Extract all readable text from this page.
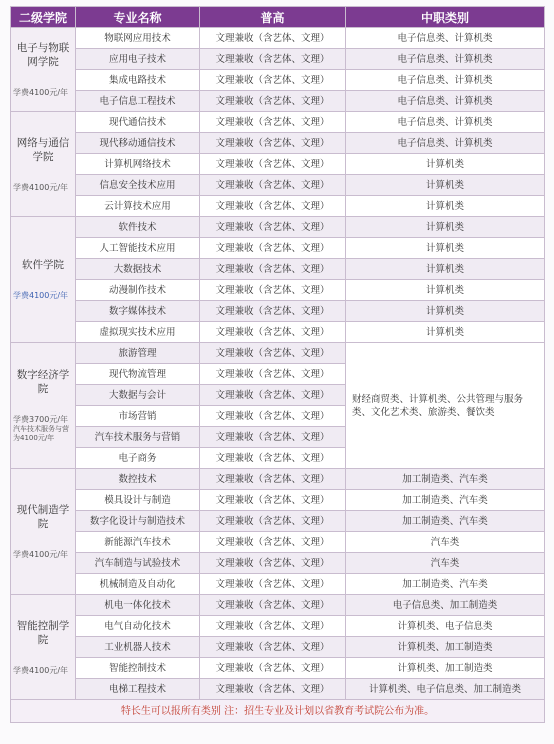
二级学院	专业名称	普高	中职类别

电子与物联网学院
学费4100元/年	物联网应用技术	文理兼收（含艺体、文理）	电子信息类、计算机类
	应用电子技术	文理兼收（含艺体、文理）	电子信息类、计算机类
	集成电路技术	文理兼收（含艺体、文理）	电子信息类、计算机类
	电子信息工程技术	文理兼收（含艺体、文理）	电子信息类、计算机类

网络与通信学院
学费4100元/年	现代通信技术	文理兼收（含艺体、文理）	电子信息类、计算机类
	现代移动通信技术	文理兼收（含艺体、文理）	电子信息类、计算机类
	计算机网络技术	文理兼收（含艺体、文理）	计算机类
	信息安全技术应用	文理兼收（含艺体、文理）	计算机类
	云计算技术应用	文理兼收（含艺体、文理）	计算机类

软件学院
学费4100元/年	软件技术	文理兼收（含艺体、文理）	计算机类
	人工智能技术应用	文理兼收（含艺体、文理）	计算机类
	大数据技术	文理兼收（含艺体、文理）	计算机类
	动漫制作技术	文理兼收（含艺体、文理）	计算机类
	数字媒体技术	文理兼收（含艺体、文理）	计算机类
	虚拟现实技术应用	文理兼收（含艺体、文理）	计算机类

数字经济学院
学费3700元/年
汽车技术服务与营为4100元/年	旅游管理	文理兼收（含艺体、文理）	财经商贸类、计算机类、公共管理与服务类、文化艺术类、旅游类、餐饮类
	现代物流管理	文理兼收（含艺体、文理）	
	大数据与会计	文理兼收（含艺体、文理）	
	市场营销	文理兼收（含艺体、文理）	
	汽车技术服务与营销	文理兼收（含艺体、文理）	
	电子商务	文理兼收（含艺体、文理）	

现代制造学院
学费4100元/年	数控技术	文理兼收（含艺体、文理）	加工制造类、汽车类
	模具设计与制造	文理兼收（含艺体、文理）	加工制造类、汽车类
	数字化设计与制造技术	文理兼收（含艺体、文理）	加工制造类、汽车类
	新能源汽车技术	文理兼收（含艺体、文理）	汽车类
	汽车制造与试验技术	文理兼收（含艺体、文理）	汽车类
	机械制造及自动化	文理兼收（含艺体、文理）	加工制造类、汽车类

智能控制学院
学费4100元/年	机电一体化技术	文理兼收（含艺体、文理）	电子信息类、加工制造类
	电气自动化技术	文理兼收（含艺体、文理）	计算机类、电子信息类
	工业机器人技术	文理兼收（含艺体、文理）	计算机类、加工制造类
	智能控制技术	文理兼收（含艺体、文理）	计算机类、加工制造类
	电梯工程技术	文理兼收（含艺体、文理）	计算机类、电子信息类、加工制造类
特长生可以报所有类别 注：招生专业及计划以省教育考试院公布为准。			
